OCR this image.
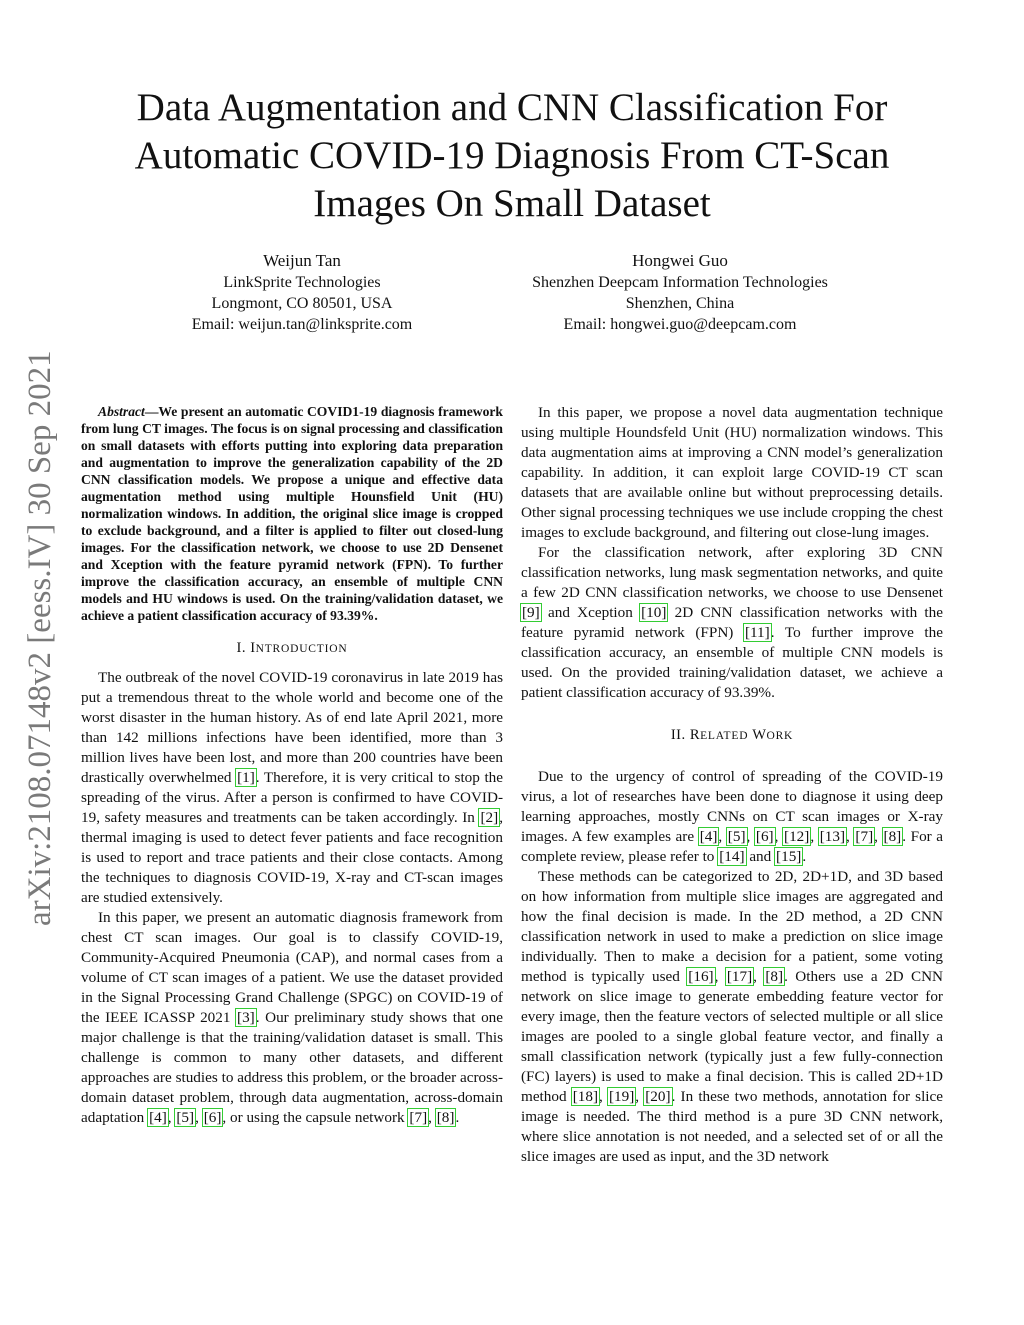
Data Augmentation and CNN Classification For
Automatic COVID-19 Diagnosis From CT-Scan
Images On Small Dataset
Weijun Tan
LinkSprite Technologies
Longmont, CO 80501, USA
Email: weijun.tan@linksprite.com
Hongwei Guo
Shenzhen Deepcam Information Technologies
Shenzhen, China
Email: hongwei.guo@deepcam.com
arXiv:2108.07148v2 [eess.IV] 30 Sep 2021	Abstract—We present an automatic COVID1-19 diagnosis framework from lung CT images. The focus is on signal processing and classification on small datasets with efforts putting into exploring data preparation and augmentation to improve the generalization capability of the 2D CNN classification models. We propose a unique and effective data augmentation method using multiple Hounsfield Unit (HU) normalization windows. In addition, the original slice image is cropped to exclude background, and a filter is applied to filter out closed-lung images. For the classification network, we choose to use 2D Densenet and Xception with the feature pyramid network (FPN). To further improve the classification accuracy, an ensemble of multiple CNN models and HU windows is used. On the training/validation dataset, we achieve a patient classification accuracy of 93.39%.

I. INTRODUCTION

The outbreak of the novel COVID-19 coronavirus in late 2019 has put a tremendous threat to the whole world and become one of the worst disaster in the human history. As of end late April 2021, more than 142 millions infections have been identified, more than 3 million lives have been lost, and more than 200 countries have been drastically overwhelmed [1]. Therefore, it is very critical to stop the spreading of the virus. After a person is confirmed to have COVID-19, safety measures and treatments can be taken accordingly. In [2], thermal imaging is used to detect fever patients and face recognition is used to report and trace patients and their close contacts. Among the techniques to diagnosis COVID-19, X-ray and CT-scan images are studied extensively.

In this paper, we present an automatic diagnosis framework from chest CT scan images. Our goal is to classify COVID-19, Community-Acquired Pneumonia (CAP), and normal cases from a volume of CT scan images of a patient. We use the dataset provided in the Signal Processing Grand Challenge (SPGC) on COVID-19 of the IEEE ICASSP 2021 [3]. Our preliminary study shows that one major challenge is that the training/validation dataset is small. This challenge is common to many other datasets, and different approaches are studies to address this problem, or the broader across-domain dataset problem, through data augmentation, across-domain adaptation [4], [5], [6], or using the capsule network [7], [8].

In this paper, we propose a novel data augmentation technique using multiple Houndsfeld Unit (HU) normalization windows. This data augmentation aims at improving a CNN model’s generalization capability. In addition, it can exploit large COVID-19 CT scan datasets that are available online but without preprocessing details. Other signal processing techniques we use include cropping the chest images to exclude background, and filtering out close-lung images.

For the classification network, after exploring 3D CNN classification networks, lung mask segmentation networks, and quite a few 2D CNN classification networks, we choose to use Densenet [9] and Xception [10] 2D CNN classification networks with the feature pyramid network (FPN) [11]. To further improve the classification accuracy, an ensemble of multiple CNN models is used. On the provided training/validation dataset, we achieve a patient classification accuracy of 93.39%.

II. RELATED WORK

Due to the urgency of control of spreading of the COVID-19 virus, a lot of researches have been done to diagnose it using deep learning approaches, mostly CNNs on CT scan images or X-ray images. A few examples are [4], [5], [6], [12], [13], [7], [8]. For a complete review, please refer to [14] and [15].

These methods can be categorized to 2D, 2D+1D, and 3D based on how information from multiple slice images are aggregated and how the final decision is made. In the 2D method, a 2D CNN classification network in used to make a prediction on slice image individually. Then to make a decision for a patient, some voting method is typically used [16], [17], [8]. Others use a 2D CNN network on slice image to generate embedding feature vector for every image, then the feature vectors of selected multiple or all slice images are pooled to a single global feature vector, and finally a small classification network (typically just a few fully-connection (FC) layers) is used to make a final decision. This is called 2D+1D method [18], [19], [20]. In these two methods, annotation for slice image is needed. The third method is a pure 3D CNN network, where slice annotation is not needed, and a selected set of or all the slice images are used as input, and the 3D network
